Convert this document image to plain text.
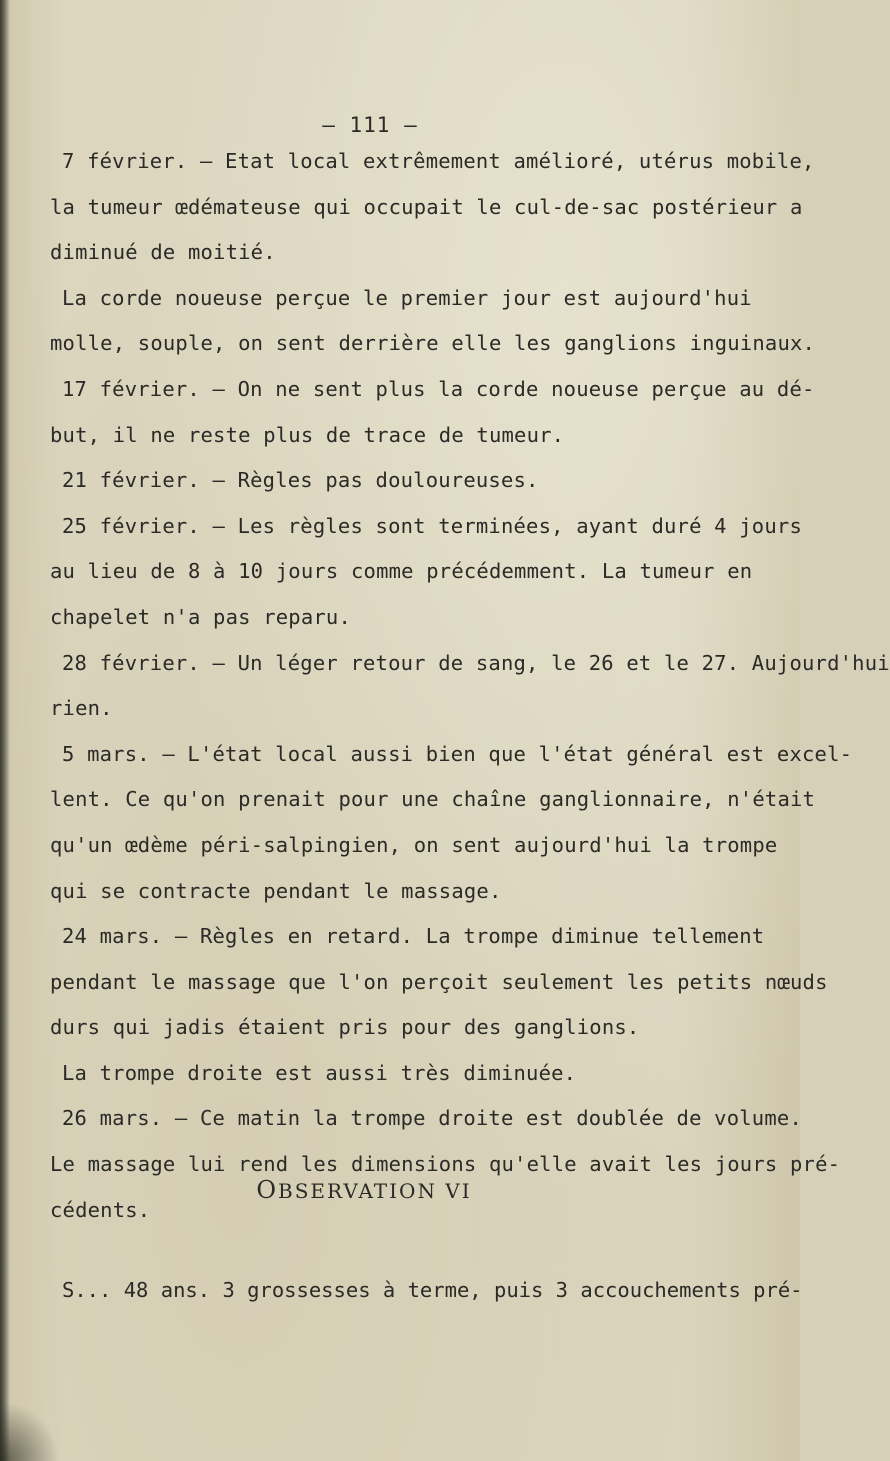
— 111 —
7 février. — Etat local extrêmement amélioré, utérus mobile,
la tumeur œdémateuse qui occupait le cul-de-sac postérieur a
diminué de moitié.
La corde noueuse perçue le premier jour est aujourd'hui
molle, souple, on sent derrière elle les ganglions inguinaux.
17 février. — On ne sent plus la corde noueuse perçue au dé-
but, il ne reste plus de trace de tumeur.
21 février. — Règles pas douloureuses.
25 février. — Les règles sont terminées, ayant duré 4 jours
au lieu de 8 à 10 jours comme précédemment. La tumeur en
chapelet n'a pas reparu.
28 février. — Un léger retour de sang, le 26 et le 27. Aujourd'hui
rien.
5 mars. — L'état local aussi bien que l'état général est excel-
lent. Ce qu'on prenait pour une chaîne ganglionnaire, n'était
qu'un œdème péri-salpingien, on sent aujourd'hui la trompe
qui se contracte pendant le massage.
24 mars. — Règles en retard. La trompe diminue tellement
pendant le massage que l'on perçoit seulement les petits nœuds
durs qui jadis étaient pris pour des ganglions.
La trompe droite est aussi très diminuée.
26 mars. — Ce matin la trompe droite est doublée de volume.
Le massage lui rend les dimensions qu'elle avait les jours pré-
cédents.
OBSERVATION VI
S... 48 ans. 3 grossesses à terme, puis 3 accouchements pré-
